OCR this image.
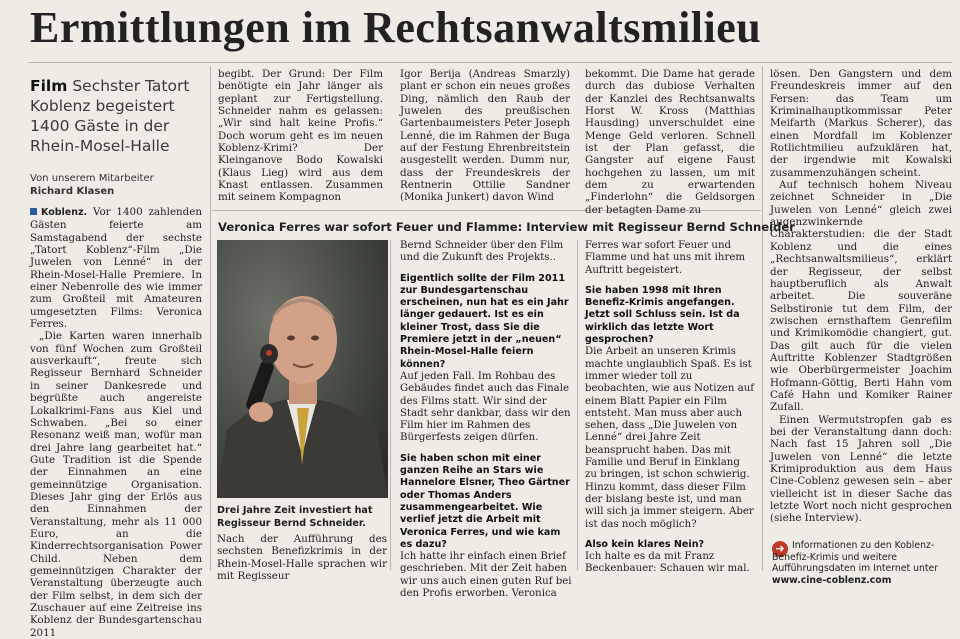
Ermittlungen im Rechtsanwaltsmilieu
Film Sechster Tatort Koblenz begeistert 1400 Gäste in der Rhein-Mosel-Halle
Von unserem Mitarbeiter
Richard Klasen

Koblenz. Vor 1400 zahlenden Gästen feierte am Samstagabend der sechste „Tatort Koblenz“-Film „Die Juwelen von Lenné“ in der Rhein-Mosel-Halle Premiere. In einer Nebenrolle des wie immer zum Großteil mit Amateuren umgesetzten Films: Veronica Ferres.

„Die Karten waren innerhalb von fünf Wochen zum Großteil ausverkauft“, freute sich Regisseur Bernhard Schneider in seiner Dankesrede und begrüßte auch angereiste Lokalkrimi-Fans aus Kiel und Schwaben. „Bei so einer Resonanz weiß man, wofür man drei Jahre lang gearbeitet hat.“ Gute Tradition ist die Spende der Einnahmen an eine gemeinnützige Organisation. Dieses Jahr ging der Erlös aus den Einnahmen der Veranstaltung, mehr als 11 000 Euro, an die Kinderrechtsorganisation Power Child. Neben dem gemeinnützigen Charakter der Veranstaltung überzeugte auch der Film selbst, in dem sich der Zuschauer auf eine Zeitreise ins Koblenz der Bundesgartenschau 2011

begibt. Der Grund: Der Film benötigte ein Jahr länger als geplant zur Fertigstellung. Schneider nahm es gelassen: „Wir sind halt keine Profis.“ Doch worum geht es im neuen Koblenz-Krimi? Der Kleinganove Bodo Kowalski (Klaus Lieg) wird aus dem Knast entlassen. Zusammen mit seinem Kompagnon

Igor Berija (Andreas Smarzly) plant er schon ein neues großes Ding, nämlich den Raub der Juwelen des preußischen Gartenbaumeisters Peter Joseph Lenné, die im Rahmen der Buga auf der Festung Ehrenbreitstein ausgestellt werden. Dumm nur, dass der Freundeskreis der Rentnerin Ottilie Sandner (Monika Junkert) davon Wind

bekommt. Die Dame hat gerade durch das dubiose Verhalten der Kanzlei des Rechtsanwalts Horst W. Kross (Matthias Hausding) unverschuldet eine Menge Geld verloren. Schnell ist der Plan gefasst, die Gangster auf eigene Faust hochgehen zu lassen, um mit dem zu erwartenden „Finderlohn“ die Geldsorgen der betagten Dame zu

lösen. Den Gangstern und dem Freundeskreis immer auf den Fersen: das Team um Kriminalhauptkommissar Peter Meifarth (Markus Scherer), das einen Mordfall im Koblenzer Rotlichtmilieu aufzuklären hat, der irgendwie mit Kowalski zusammenzuhängen scheint.

Auf technisch hohem Niveau zeichnet Schneider in „Die Juwelen von Lenné“ gleich zwei augenzwinkernde Charakterstudien: die der Stadt Koblenz und die eines „Rechtsanwaltsmilieus“, erklärt der Regisseur, der selbst hauptberuflich als Anwalt arbeitet. Die souveräne Selbstironie tut dem Film, der zwischen ernsthaftem Genrefilm und Krimikomödie changiert, gut. Das gilt auch für die vielen Auftritte Koblenzer Stadtgrößen wie Oberbürgermeister Joachim Hofmann-Göttig, Berti Hahn vom Café Hahn und Komiker Rainer Zufall.

Einen Wermutstropfen gab es bei der Veranstaltung dann doch: Nach fast 15 Jahren soll „Die Juwelen von Lenné“ die letzte Krimiproduktion aus dem Haus Cine-Coblenz gewesen sein – aber vielleicht ist in dieser Sache das letzte Wort noch nicht gesprochen (siehe Interview).

Veronica Ferres war sofort Feuer und Flamme: Interview mit Regisseur Bernd Schneider
Drei Jahre Zeit investiert hat Regisseur Bernd Schneider.

Nach der Aufführung des sechsten Benefizkrimis in der Rhein-Mosel-Halle sprachen wir mit Regisseur

Bernd Schneider über den Film und die Zukunft des Projekts..
Eigentlich sollte der Film 2011 zur Bundesgartenschau erscheinen, nun hat es ein Jahr länger gedauert. Ist es ein kleiner Trost, dass Sie die Premiere jetzt in der „neuen“ Rhein-Mosel-Halle feiern können?
Auf jeden Fall. Im Rohbau des Gebäudes findet auch das Finale des Films statt. Wir sind der Stadt sehr dankbar, dass wir den Film hier im Rahmen des Bürgerfests zeigen dürfen.
Sie haben schon mit einer ganzen Reihe an Stars wie Hannelore Elsner, Theo Gärtner oder Thomas Anders zusammengearbeitet. Wie verlief jetzt die Arbeit mit Veronica Ferres, und wie kam es dazu?
Ich hatte ihr einfach einen Brief geschrieben. Mit der Zeit haben wir uns auch einen guten Ruf bei den Profis erworben. Veronica
Ferres war sofort Feuer und Flamme und hat uns mit ihrem Auftritt begeistert.
Sie haben 1998 mit Ihren Benefiz-Krimis angefangen. Jetzt soll Schluss sein. Ist da wirklich das letzte Wort gesprochen?
Die Arbeit an unseren Krimis machte unglaublich Spaß. Es ist immer wieder toll zu beobachten, wie aus Notizen auf einem Blatt Papier ein Film entsteht. Man muss aber auch sehen, dass „Die Juwelen von Lenné“ drei Jahre Zeit beansprucht haben. Das mit Familie und Beruf in Einklang zu bringen, ist schon schwierig. Hinzu kommt, dass dieser Film der bislang beste ist, und man will sich ja immer steigern. Aber ist das noch möglich?
Also kein klares Nein?
Ich halte es da mit Franz Beckenbauer: Schauen wir mal.
➜ Informationen zu den Koblenz-Benefiz-Krimis und weitere Aufführungsdaten im Internet unter www.cine-coblenz.com
